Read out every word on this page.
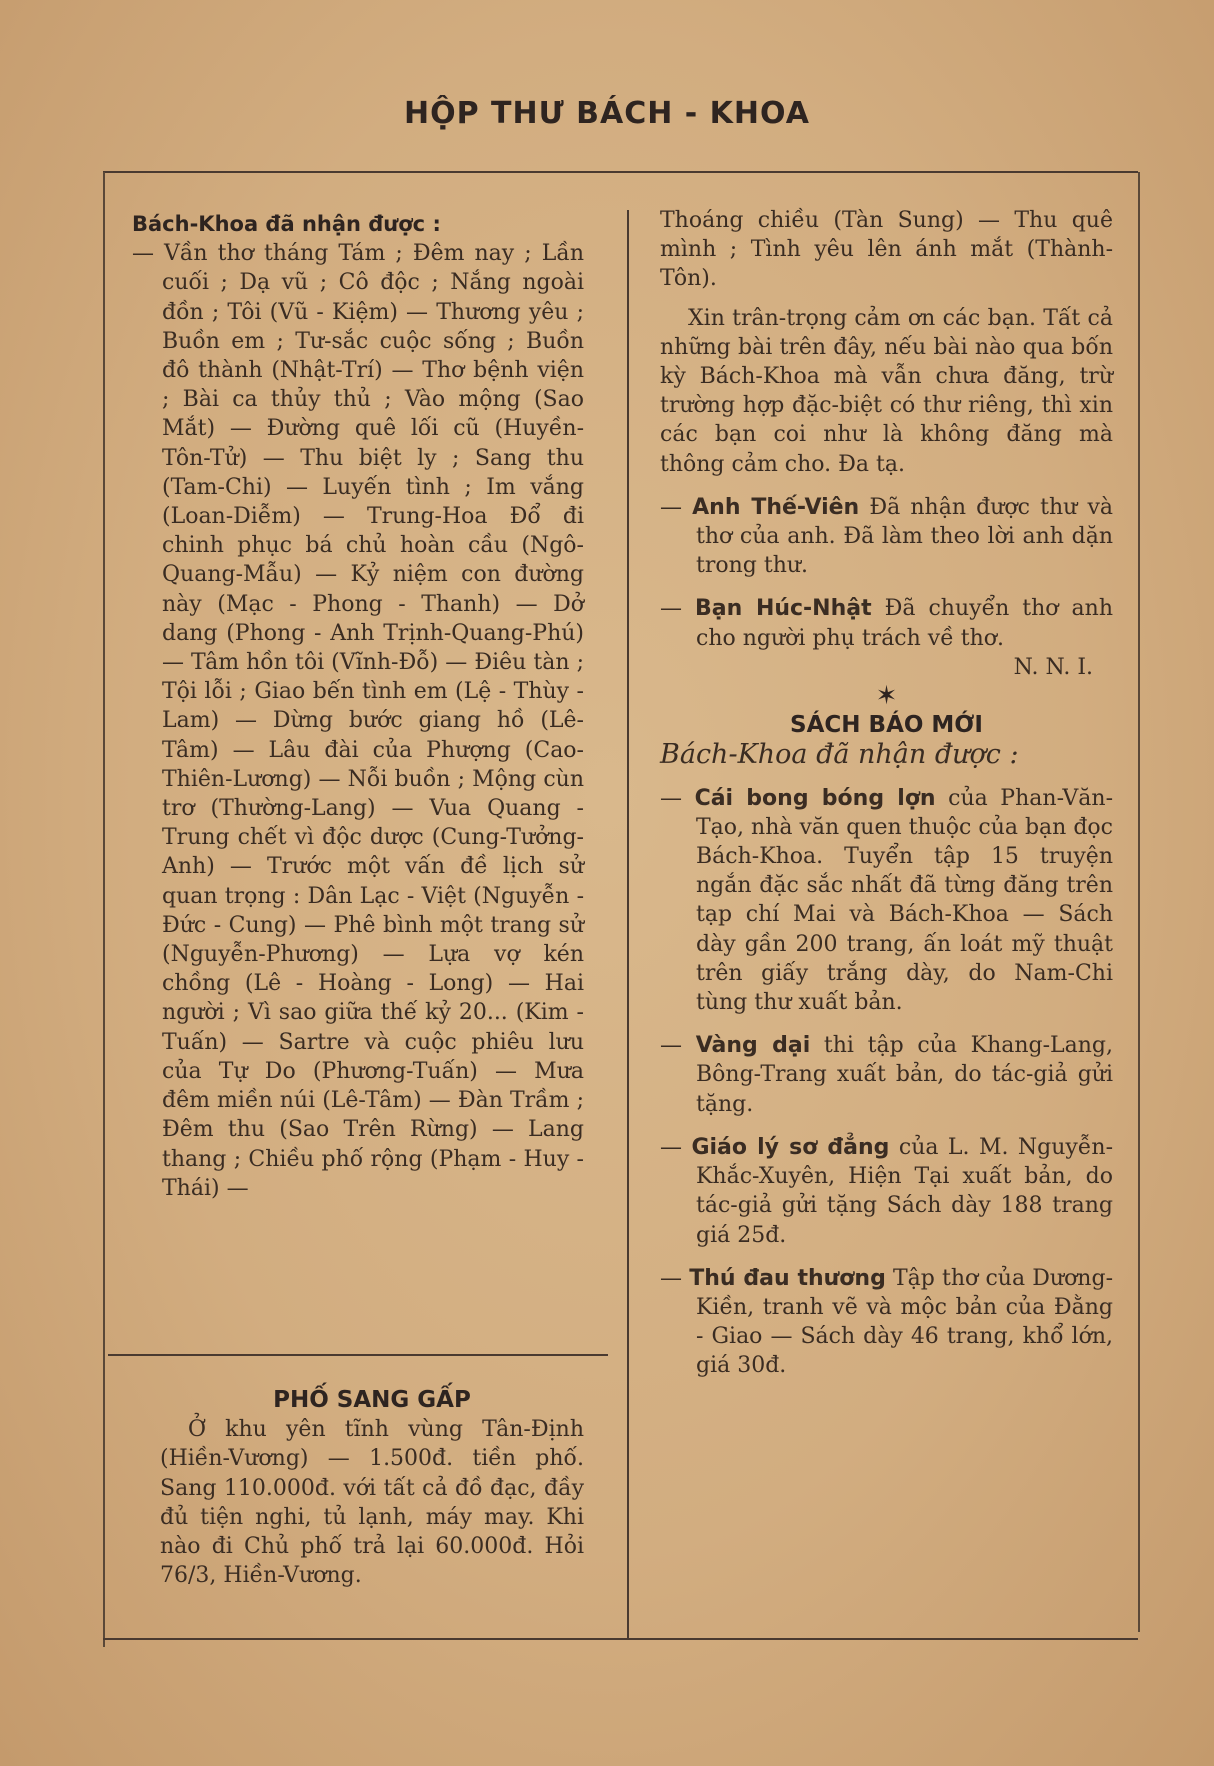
HỘP THƯ BÁCH - KHOA

Bách-Khoa đã nhận được :

— Vần thơ tháng Tám ; Đêm nay ; Lần cuối ; Dạ vũ ; Cô độc ; Nắng ngoài đồn ; Tôi (Vũ - Kiệm) — Thương yêu ; Buồn em ; Tư-sắc cuộc sống ; Buồn đô thành (Nhật-Trí) — Thơ bệnh viện ; Bài ca thủy thủ ; Vào mộng (Sao Mắt) — Đường quê lối cũ (Huyền-Tôn-Tử) — Thu biệt ly ; Sang thu (Tam-Chi) — Luyến tình ; Im vắng (Loan-Diễm) — Trung-Hoa Đổ đi chinh phục bá chủ hoàn cầu (Ngô-Quang-Mẫu) — Kỷ niệm con đường này (Mạc - Phong - Thanh) — Dở dang (Phong - Anh Trịnh-Quang-Phú) — Tâm hồn tôi (Vĩnh-Đỗ) — Điêu tàn ; Tội lỗi ; Giao bến tình em (Lệ - Thùy - Lam) — Dừng bước giang hồ (Lê-Tâm) — Lâu đài của Phượng (Cao-Thiên-Lương) — Nỗi buồn ; Mộng cùn trơ (Thường-Lang) — Vua Quang - Trung chết vì độc dược (Cung-Tưởng-Anh) — Trước một vấn đề lịch sử quan trọng : Dân Lạc - Việt (Nguyễn - Đức - Cung) — Phê bình một trang sử (Nguyễn-Phương) — Lựa vợ kén chồng (Lê - Hoàng - Long) — Hai người ; Vì sao giữa thế kỷ 20... (Kim - Tuấn) — Sartre và cuộc phiêu lưu của Tự Do (Phương-Tuấn) — Mưa đêm miền núi (Lê-Tâm) — Đàn Trầm ; Đêm thu (Sao Trên Rừng) — Lang thang ; Chiều phố rộng (Phạm - Huy - Thái) —

PHỐ SANG GẤP

Ở khu yên tĩnh vùng Tân-Định (Hiền-Vương) — 1.500đ. tiền phố. Sang 110.000đ. với tất cả đồ đạc, đầy đủ tiện nghi, tủ lạnh, máy may. Khi nào đi Chủ phố trả lại 60.000đ. Hỏi 76/3, Hiền-Vương.

Thoáng chiều (Tàn Sung) — Thu quê mình ; Tình yêu lên ánh mắt (Thành-Tôn).

Xin trân-trọng cảm ơn các bạn. Tất cả những bài trên đây, nếu bài nào qua bốn kỳ Bách-Khoa mà vẫn chưa đăng, trừ trường hợp đặc-biệt có thư riêng, thì xin các bạn coi như là không đăng mà thông cảm cho. Đa tạ.

— Anh Thế-Viên Đã nhận được thư và thơ của anh. Đã làm theo lời anh dặn trong thư.

— Bạn Húc-Nhật Đã chuyển thơ anh cho người phụ trách về thơ.

N. N. I.

✶

SÁCH BÁO MỚI

Bách-Khoa đã nhận được :

— Cái bong bóng lợn của Phan-Văn-Tạo, nhà văn quen thuộc của bạn đọc Bách-Khoa. Tuyển tập 15 truyện ngắn đặc sắc nhất đã từng đăng trên tạp chí Mai và Bách-Khoa — Sách dày gần 200 trang, ấn loát mỹ thuật trên giấy trắng dày, do Nam-Chi tùng thư xuất bản.

— Vàng dại thi tập của Khang-Lang, Bông-Trang xuất bản, do tác-giả gửi tặng.

— Giáo lý sơ đẳng của L. M. Nguyễn-Khắc-Xuyên, Hiện Tại xuất bản, do tác-giả gửi tặng Sách dày 188 trang giá 25đ.

— Thú đau thương Tập thơ của Dương-Kiền, tranh vẽ và mộc bản của Đằng - Giao — Sách dày 46 trang, khổ lớn, giá 30đ.
